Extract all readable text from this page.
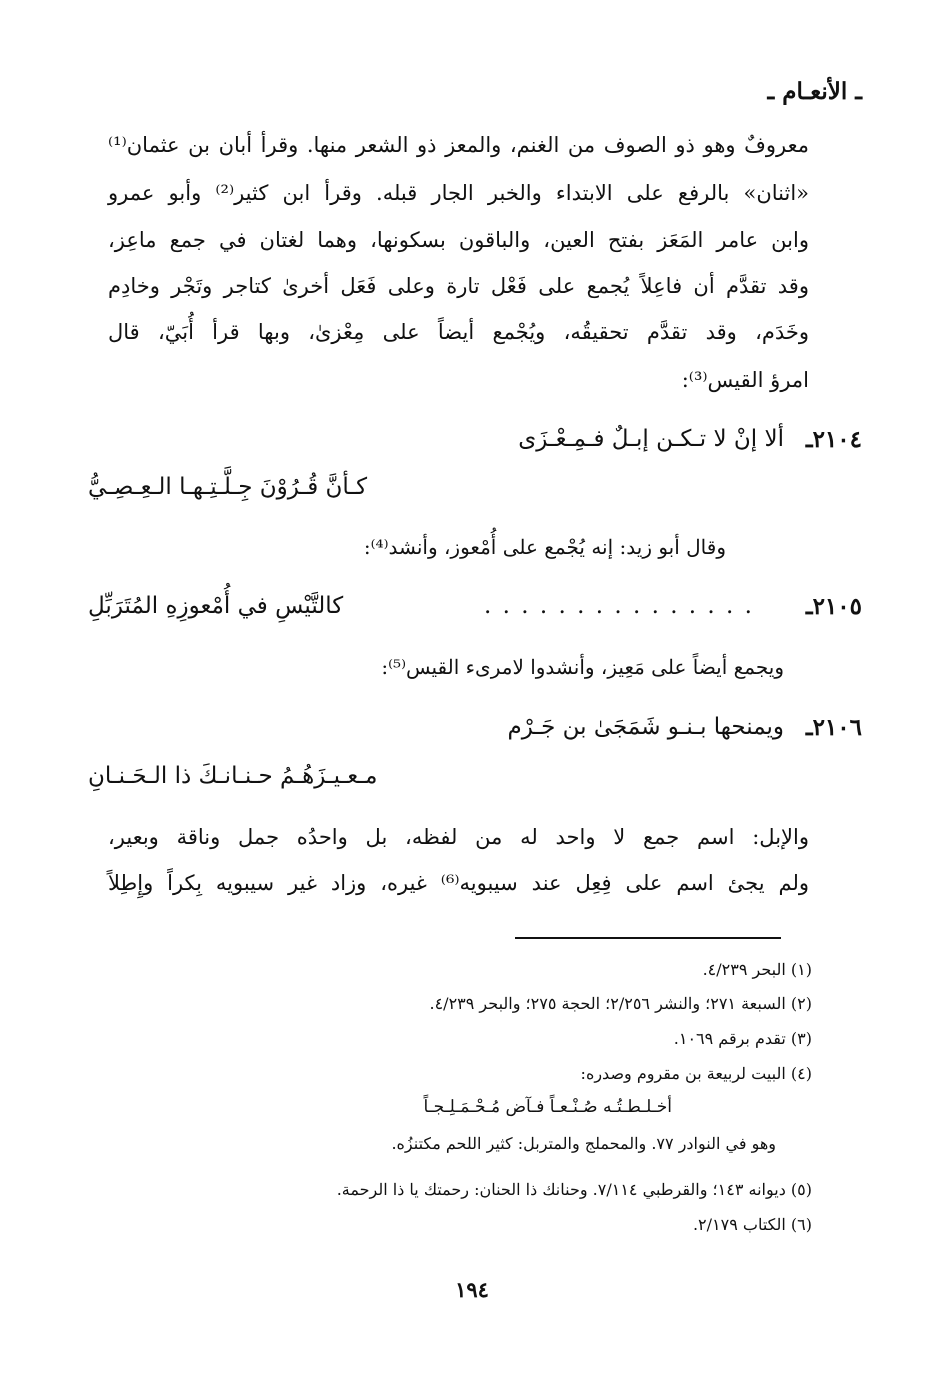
ـ الأنعـام ـ
معروفٌ وهو ذو الصوف من الغنم، والمعز ذو الشعر منها. وقرأ أبان بن عثمان⁽¹⁾
«اثنان» بالرفع على الابتداء والخبر الجار قبله. وقرأ ابن كثير⁽²⁾ وأبو عمرو
وابن عامر المَعَز بفتح العين، والباقون بسكونها، وهما لغتان في جمع ماعِز،
وقد تقدَّم أن فاعِلاً يُجمع على فَعْل تارة وعلى فَعَل أخرىٰ كتاجر وتَجْر وخادِم
وخَدَم، وقد تقدَّم تحقيقُه، ويُجْمع أيضاً على مِعْزىٰ، وبها قرأ أُبَيّ، قال
امرؤ القيس⁽³⁾:
٢١٠٤ـ
ألا إنْ لا تـكـن إبـلٌ فـمِـعْـزَى
كـأنَّ قُـرُوْنَ جِـلَّـتِـهـا الـعِـصِـيُّ
وقال أبو زيد: إنه يُجْمع على أُمْعوز، وأنشد⁽⁴⁾:
٢١٠٥ـ
. . . . . . . . . . . . . . .
كالتَّيْسِ في أُمْعوزِهِ المُتَرَبِّلِ
ويجمع أيضاً على مَعِيز، وأنشدوا لامرىء القيس⁽⁵⁾:
٢١٠٦ـ
ويمنحها بـنـو شَمَجَىٰ بن جَـرْم
مـعـيـزَهُـمُ حـنـانـكَ ذا الـحَـنـانِ
والإبل: اسم جمع لا واحد له من لفظه، بل واحدُه جمل وناقة وبعير،
ولم يجئ اسم على فِعِل عند سيبويه⁽⁶⁾ غيره، وزاد غير سيبويه بِكراً وإِطِلاً
(١) البحر ٤/٢٣٩.
(٢) السبعة ٢٧١؛ والنشر ٢/٢٥٦؛ الحجة ٢٧٥؛ والبحر ٤/٢٣٩.
(٣) تقدم برقم ١٠٦٩.
(٤) البيت لربيعة بن مقروم وصدره:
أخـلـطـتُـه صُـنْـعـاً فـآض مُـحْـمَـلِـجـاً
وهو في النوادر ٧٧. والمحملج والمتربل: كثير اللحم مكتنزُه.
(٥) ديوانه ١٤٣؛ والقرطبي ٧/١١٤. وحنانك ذا الحنان: رحمتك يا ذا الرحمة.
(٦) الكتاب ٢/١٧٩.
١٩٤
